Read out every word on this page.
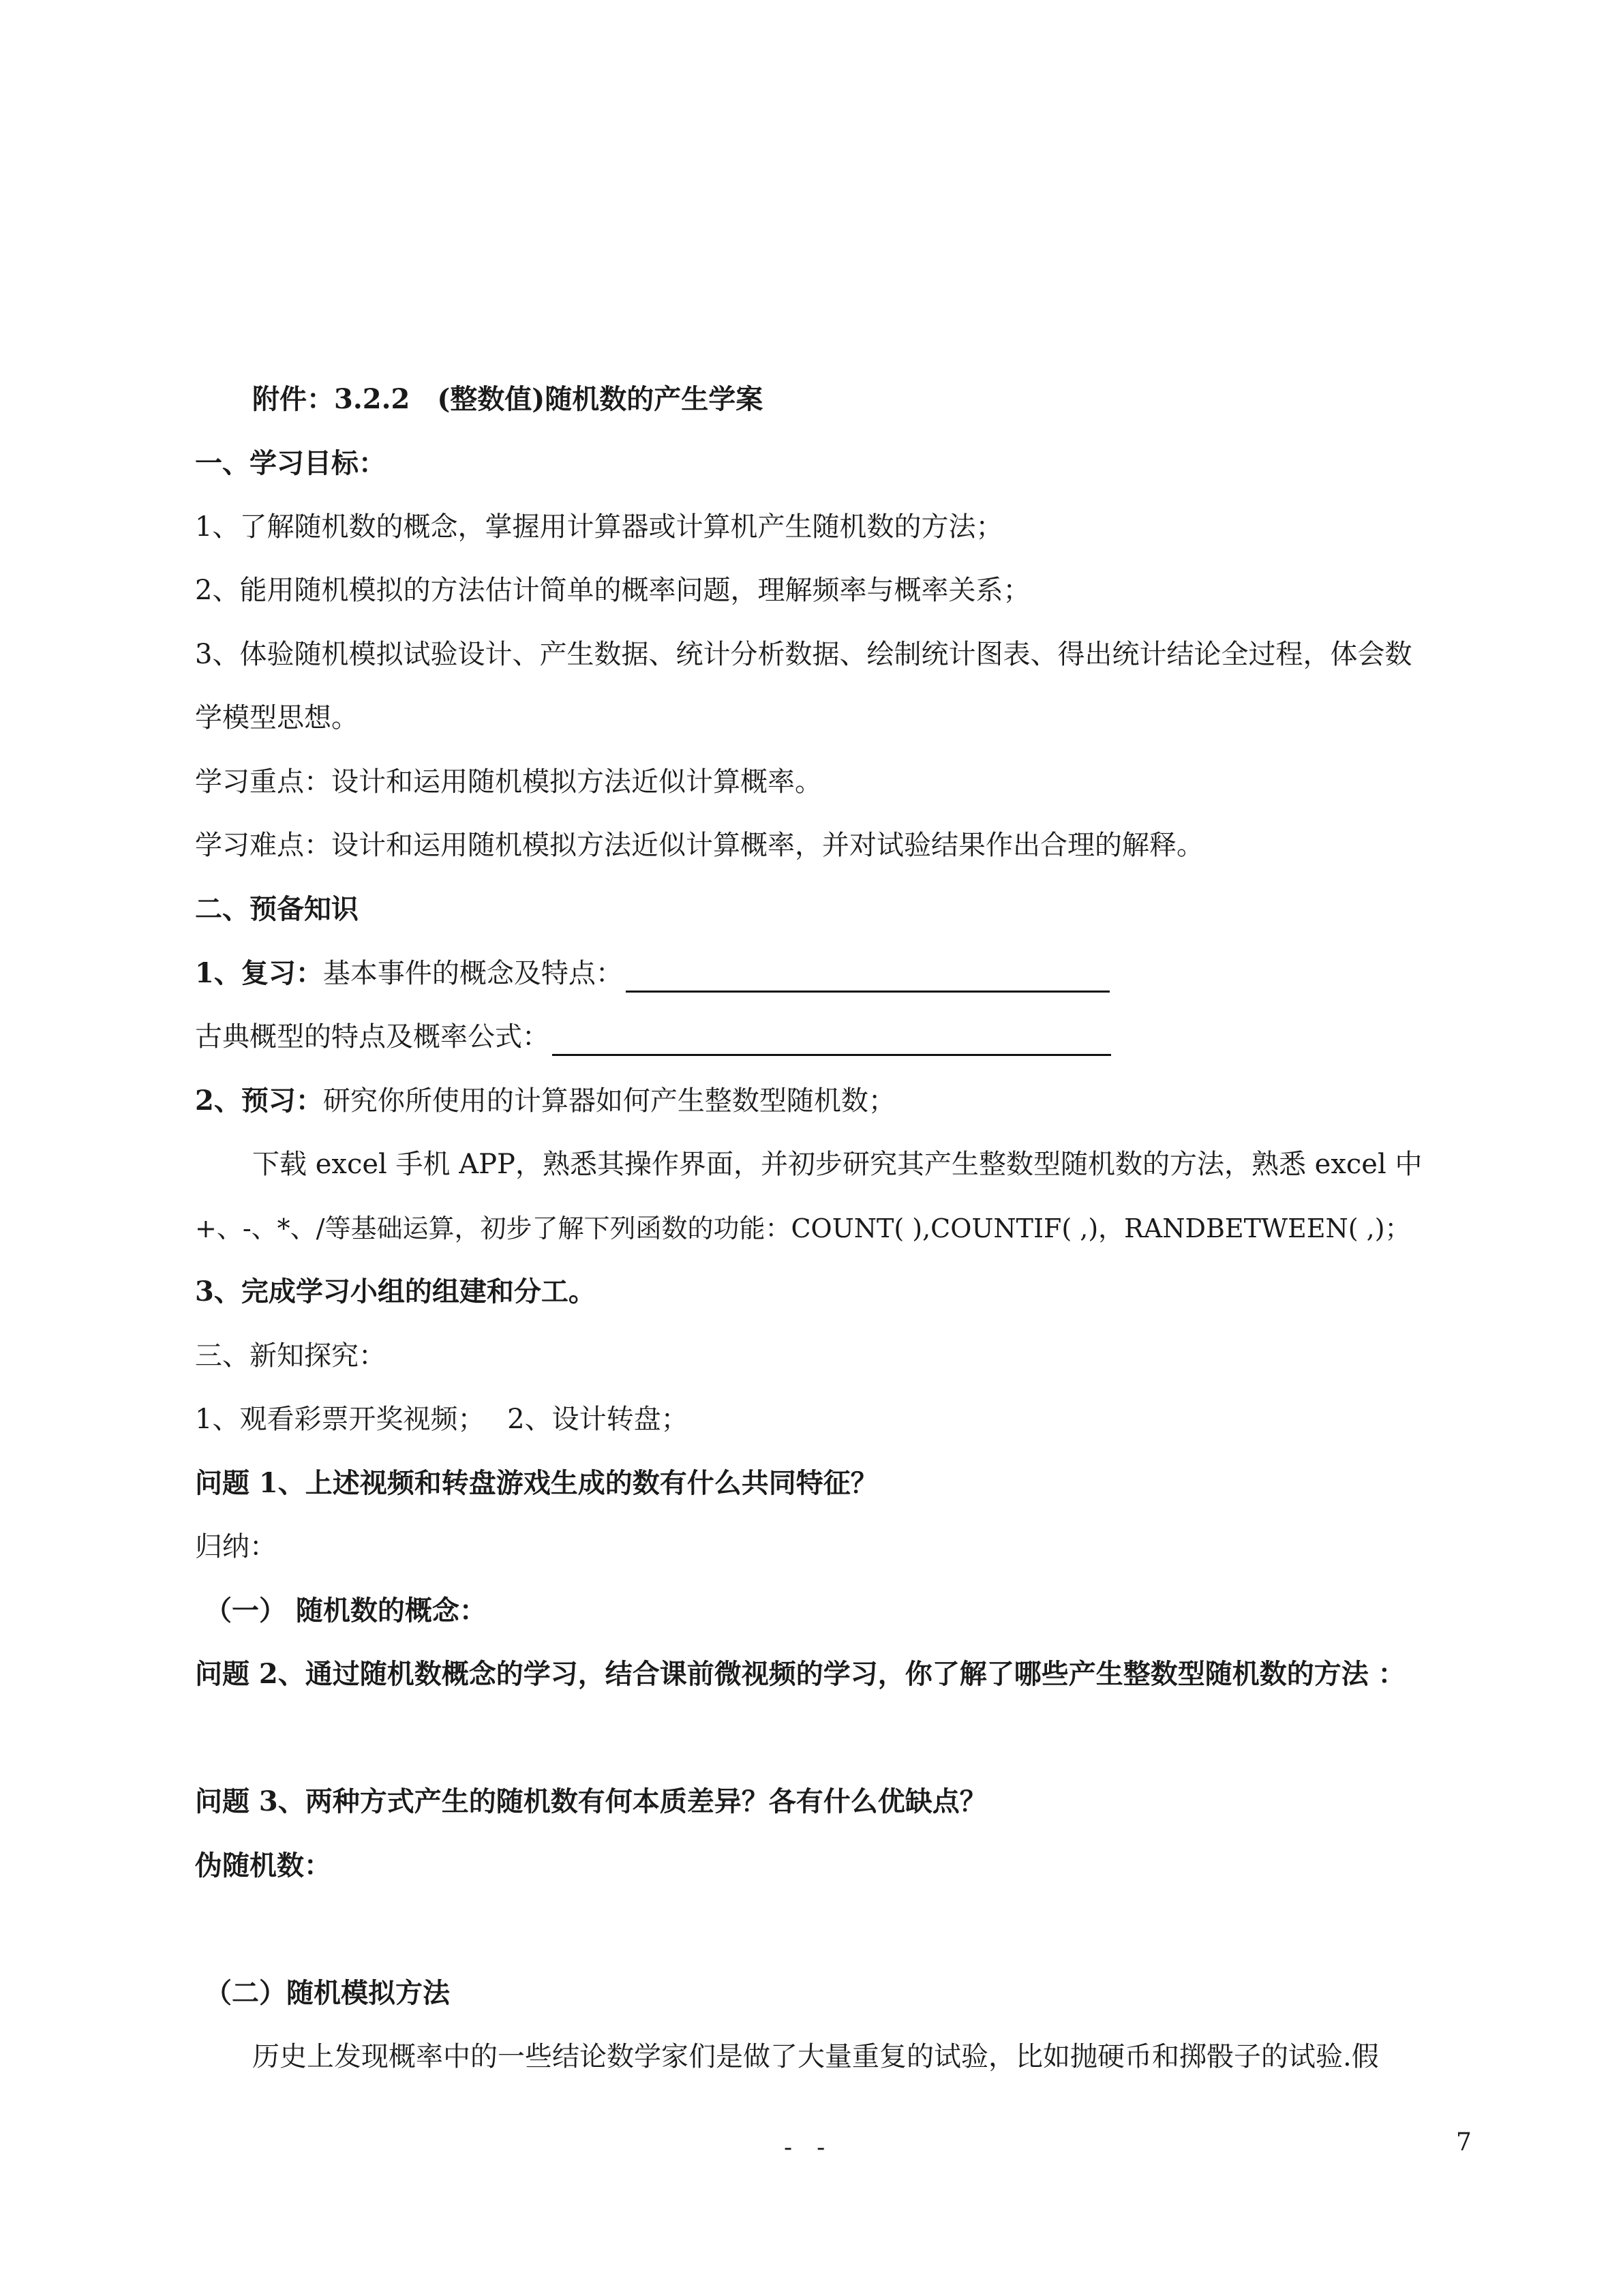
附件：3.2.2　(整数值)随机数的产生学案
一、学习目标：
1、了解随机数的概念，掌握用计算器或计算机产生随机数的方法；
2、能用随机模拟的方法估计简单的概率问题，理解频率与概率关系；
3、体验随机模拟试验设计、产生数据、统计分析数据、绘制统计图表、得出统计结论全过程，体会数
学模型思想。
学习重点：设计和运用随机模拟方法近似计算概率。
学习难点：设计和运用随机模拟方法近似计算概率，并对试验结果作出合理的解释。
二、预备知识
1、复习：基本事件的概念及特点：
古典概型的特点及概率公式：
2、预习：研究你所使用的计算器如何产生整数型随机数；
下载 excel 手机 APP，熟悉其操作界面，并初步研究其产生整数型随机数的方法，熟悉 excel 中
+、-、*、/等基础运算，初步了解下列函数的功能：COUNT( ),COUNTIF( ,)，RANDBETWEEN( ,)；
3、完成学习小组的组建和分工。
三、新知探究：
1、观看彩票开奖视频；　 2、设计转盘；
问题 1、上述视频和转盘游戏生成的数有什么共同特征？
归纳：
（一） 随机数的概念：
问题 2、通过随机数概念的学习，结合课前微视频的学习，你了解了哪些产生整数型随机数的方法 ：
问题 3、两种方式产生的随机数有何本质差异？各有什么优缺点？
伪随机数：
（二）随机模拟方法
历史上发现概率中的一些结论数学家们是做了大量重复的试验，比如抛硬币和掷骰子的试验.假
-　-	7
